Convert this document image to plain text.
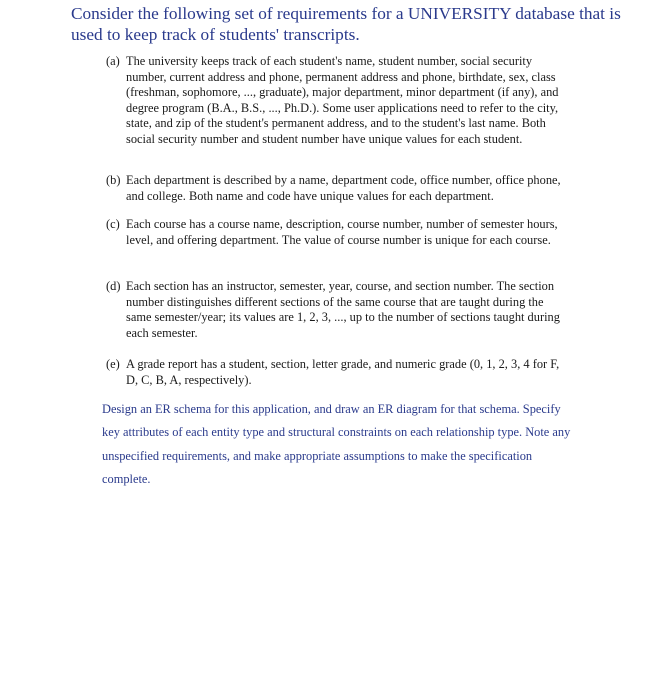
Consider the following set of requirements for a UNIVERSITY database that is used to keep track of students' transcripts.
(a) The university keeps track of each student's name, student number, social security number, current address and phone, permanent address and phone, birthdate, sex, class (freshman, sophomore, ..., graduate), major department, minor department (if any), and degree program (B.A., B.S., ..., Ph.D.). Some user applications need to refer to the city, state, and zip of the student's permanent address, and to the student's last name. Both social security number and student number have unique values for each student.
(b) Each department is described by a name, department code, office number, office phone, and college. Both name and code have unique values for each department.
(c) Each course has a course name, description, course number, number of semester hours, level, and offering department. The value of course number is unique for each course.
(d) Each section has an instructor, semester, year, course, and section number. The section number distinguishes different sections of the same course that are taught during the same semester/year; its values are 1, 2, 3, ..., up to the number of sections taught during each semester.
(e) A grade report has a student, section, letter grade, and numeric grade (0, 1, 2, 3, 4 for F, D, C, B, A, respectively).
Design an ER schema for this application, and draw an ER diagram for that schema. Specify key attributes of each entity type and structural constraints on each relationship type. Note any unspecified requirements, and make appropriate assumptions to make the specification complete.
